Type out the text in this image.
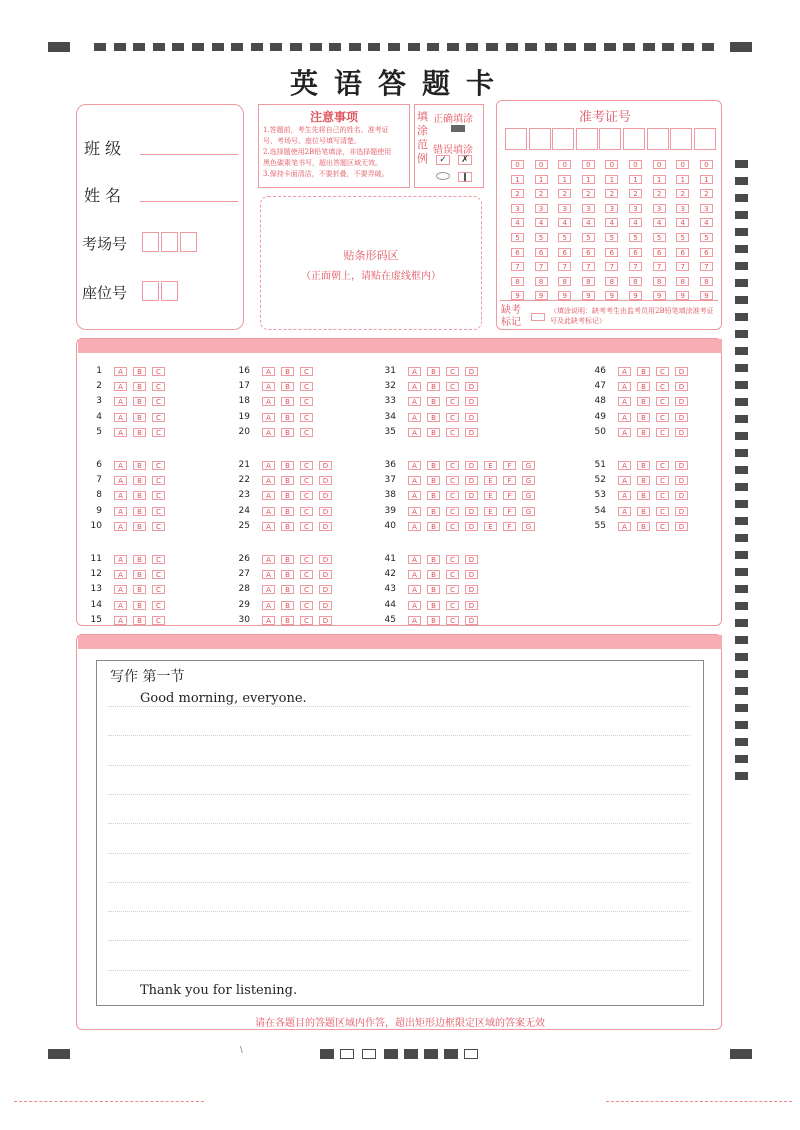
英语答题卡
班 级
姓 名
考场号
座位号
注意事项
1.答题前，考生先将自己的姓名、准考证
号、考场号、座位号填写清楚。
2.选择题使用2B铅笔填涂，非选择题使用
黑色碳素笔书写，超出答题区域无效。
3.保持卡面清洁，不要折叠，不要弄破。
填涂范例
正确填涂
错误填涂
✓	✗
贴条形码区
（正面朝上，请贴在虚线框内）
准考证号
0	0	0	0	0	0	0	0	0
1	1	1	1	1	1	1	1	1
2	2	2	2	2	2	2	2	2
3	3	3	3	3	3	3	3	3
4	4	4	4	4	4	4	4	4
5	5	5	5	5	5	5	5	5
6	6	6	6	6	6	6	6	6
7	7	7	7	7	7	7	7	7
8	8	8	8	8	8	8	8	8
9	9	9	9	9	9	9	9	9
缺考标记
（填涂说明：缺考考生由监考员用2B铅笔填涂准考证号及此缺考标记）
1	A	B	C
2	A	B	C
3	A	B	C
4	A	B	C
5	A	B	C
6	A	B	C
7	A	B	C
8	A	B	C
9	A	B	C
10	A	B	C
11	A	B	C
12	A	B	C
13	A	B	C
14	A	B	C
15	A	B	C
16	A	B	C
17	A	B	C
18	A	B	C
19	A	B	C
20	A	B	C
21	A	B	C	D
22	A	B	C	D
23	A	B	C	D
24	A	B	C	D
25	A	B	C	D
26	A	B	C	D
27	A	B	C	D
28	A	B	C	D
29	A	B	C	D
30	A	B	C	D
31	A	B	C	D
32	A	B	C	D
33	A	B	C	D
34	A	B	C	D
35	A	B	C	D
36	A	B	C	D	E	F	G
37	A	B	C	D	E	F	G
38	A	B	C	D	E	F	G
39	A	B	C	D	E	F	G
40	A	B	C	D	E	F	G
41	A	B	C	D
42	A	B	C	D
43	A	B	C	D
44	A	B	C	D
45	A	B	C	D
46	A	B	C	D
47	A	B	C	D
48	A	B	C	D
49	A	B	C	D
50	A	B	C	D
51	A	B	C	D
52	A	B	C	D
53	A	B	C	D
54	A	B	C	D
55	A	B	C	D
写作 第一节
Good morning, everyone.
Thank you for listening.
请在各题目的答题区域内作答，超出矩形边框限定区域的答案无效
\
